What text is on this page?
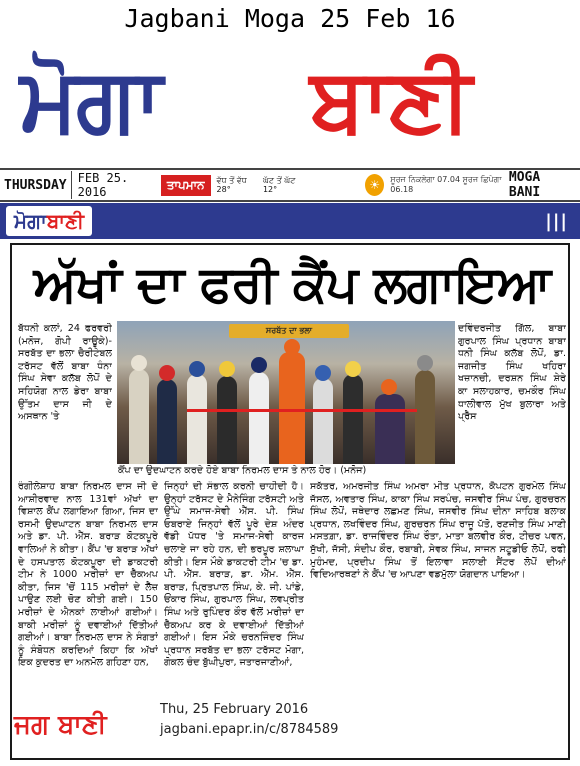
Jagbani Moga 25 Feb 16
ਮੋਗਾ ਬਾਣੀ
THURSDAY FEB 25. 2016
ਤਾਪਮਾਨ	ਵੱਧ ਤੋਂ ਵੱਧ 28°
ਘੱਟ ਤੋਂ ਘੱਟ 12°	☀	ਸੂਰਜ ਨਿਕਲੇਗਾ 07.04 ਸੂਰਜ ਛਿਪੇਗਾ 06.18
MOGA BANI
ਮੋਗਾਬਾਣੀ	|||
ਅੱਖਾਂ ਦਾ ਫਰੀ ਕੈਂਪ ਲਗਾਇਆ
ਬੱਧਨੀ ਕਲਾਂ, 24 ਫਰਵਰੀ (ਮਨੋਜ, ਗੋਪੀ ਰਾਊਕੇ)- ਸਰਬੱਤ ਦਾ ਭਲਾ ਚੈਰੀਟੇਬਲ ਟਰੱਸਟ ਵੱਲੋਂ ਬਾਬਾ ਧੰਨਾ ਸਿੰਘ ਸੇਵਾ ਕਲੱਬ ਲੋਪੋਂ ਦੇ ਸਹਿਯੋਗ ਨਾਲ ਡੇਰਾ ਬਾਬਾ ਉੱਤਮ ਦਾਸ ਜੀ ਦੇ ਅਸਥਾਨ 'ਤੇ
ਸਰਬੱਤ ਦਾ ਭਲਾ
ਕੈਂਪ ਦਾ ਉਦਘਾਟਨ ਕਰਦੇ ਹੋਏ ਬਾਬਾ ਨਿਰਮਲ ਦਾਸ ਤੇ ਨਾਲ ਹੋਰ। (ਮਨੋਜ)
ਦਵਿੰਦਰਜੀਤ ਗਿੱਲ, ਬਾਬਾ ਗੁਰਪਾਲ ਸਿੰਘ ਪ੍ਰਧਾਨ ਬਾਬਾ ਧਨੀ ਸਿੰਘ ਕਲੱਬ ਲੋਪੋਂ, ਡਾ. ਜਗਜੀਤ ਸਿੰਘ ਖਹਿਰਾ ਖਜ਼ਾਨਚੀ, ਦਰਸ਼ਨ ਸਿੰਘ ਸ਼ੇਰੇ ਕਾ ਸਲਾਹਕਾਰ, ਚਮਕੌਰ ਸਿੰਘ ਧਾਲੀਵਾਲ ਮੁੱਖ ਬੁਲਾਰਾ ਅਤੇ ਪ੍ਰੈੱਸ
ਰੰਗੀਲੇਸ਼ਾਹ ਬਾਬਾ ਨਿਰਮਲ ਦਾਸ ਜੀ ਦੇ ਆਸ਼ੀਰਵਾਦ ਨਾਲ 131ਵਾਂ ਅੱਖਾਂ ਦਾ ਵਿਸ਼ਾਲ ਕੈਂਪ ਲਗਾਇਆ ਗਿਆ, ਜਿਸ ਦਾ ਰਸਮੀ ਉਦਘਾਟਨ ਬਾਬਾ ਨਿਰਮਲ ਦਾਸ ਅਤੇ ਡਾ. ਪੀ. ਐੱਸ. ਬਰਾੜ ਕੋਟਕਪੂਰੇ ਵਾਲਿਆਂ ਨੇ ਕੀਤਾ। ਕੈਂਪ 'ਚ ਬਰਾੜ ਅੱਖਾਂ ਦੇ ਹਸਪਤਾਲ ਕੋਟਕਪੂਰਾ ਦੀ ਡਾਕਟਰੀ ਟੀਮ ਨੇ 1000 ਮਰੀਜ਼ਾਂ ਦਾ ਚੈੱਕਅਪ ਕੀਤਾ, ਜਿਸ 'ਚੋਂ 115 ਮਰੀਜ਼ਾਂ ਦੇ ਲੈੱਜ਼ ਪਾਉਣ ਲਈ ਚੋਣ ਕੀਤੀ ਗਈ। 150 ਮਰੀਜ਼ਾਂ ਦੇ ਐਨਕਾਂ ਲਾਈਆਂ ਗਈਆਂ। ਬਾਕੀ ਮਰੀਜ਼ਾਂ ਨੂੰ ਦਵਾਈਆਂ ਦਿੱਤੀਆਂ ਗਈਆਂ। ਬਾਬਾ ਨਿਰਮਲ ਦਾਸ ਨੇ ਸੰਗਤਾਂ ਨੂੰ ਸੰਬੋਧਨ ਕਰਦਿਆਂ ਕਿਹਾ ਕਿ ਅੱਖਾਂ ਇਕ ਕੁਦਰਤ ਦਾ ਅਨਮੋਲ ਗਹਿਣਾ ਹਨ,
ਜਿਨ੍ਹਾਂ ਦੀ ਸੰਭਾਲ ਕਰਨੀ ਚਾਹੀਦੀ ਹੈ। ਉਨ੍ਹਾਂ ਟਰੱਸਟ ਦੇ ਮੈਨੇਜਿੰਗ ਟਰੱਸਟੀ ਅਤੇ ਉੱਘੇ ਸਮਾਜ-ਸੇਵੀ ਐੱਸ. ਪੀ. ਸਿੰਘ ਓਬਰਾਏ ਜਿਨ੍ਹਾਂ ਵੱਲੋਂ ਪੂਰੇ ਦੇਸ਼ ਅੰਦਰ ਵੱਡੀ ਪੱਧਰ 'ਤੇ ਸਮਾਜ-ਸੇਵੀ ਕਾਰਜ ਚਲਾਏ ਜਾ ਰਹੇ ਹਨ, ਦੀ ਭਰਪੂਰ ਸ਼ਲਾਘਾ ਕੀਤੀ। ਇਸ ਮੌਕੇ ਡਾਕਟਰੀ ਟੀਮ 'ਚ ਡਾ. ਪੀ. ਐੱਸ. ਬਰਾੜ, ਡਾ. ਐੱਮ. ਐੱਸ. ਬਰਾੜ, ਪ੍ਰਿਤਪਾਲ ਸਿੰਘ, ਕੇ. ਜੀ. ਪਾਂਡੇ, ਓਂਕਾਰ ਸਿੰਘ, ਗੁਰਪਾਲ ਸਿੰਘ, ਲਵਪ੍ਰੀਤ ਸਿੰਘ ਅਤੇ ਰੁਪਿੰਦਰ ਕੌਰ ਵੱਲੋਂ ਮਰੀਜ਼ਾਂ ਦਾ ਚੈੱਕਅਪ ਕਰ ਕੇ ਦਵਾਈਆਂ ਦਿੱਤੀਆਂ ਗਈਆਂ। ਇਸ ਮੌਕੇ ਚਰਨਜਿੰਦਰ ਸਿੰਘ ਪ੍ਰਧਾਨ ਸਰਬੱਤ ਦਾ ਭਲਾ ਟਰੱਸਟ ਮੋਗਾ, ਗੋਕਲ ਚੰਦ ਬੁੱਘੀਪੁਰਾ, ਜਤਾਰਜਾਣੀਆਂ,
ਸਕੱਤਰ, ਅਮਰਜੀਤ ਸਿੰਘ ਅਮਰਾ ਮੀਤ ਪ੍ਰਧਾਨ, ਕੈਪਟਨ ਗੁਰਮੇਲ ਸਿੰਘ ਜੱਸਲ, ਅਵਤਾਰ ਸਿੰਘ, ਕਾਕਾ ਸਿੰਘ ਸਰਪੰਚ, ਜਸਵੀਰ ਸਿੰਘ ਪੰਚ, ਗੁਰਚਰਨ ਸਿੰਘ ਲੋਪੋਂ, ਜਥੇਦਾਰ ਲਛਮਣ ਸਿੰਘ, ਜਸਵੀਰ ਸਿੰਘ ਦੀਨਾ ਸਾਹਿਬ ਬਲਾਕ ਪ੍ਰਧਾਨ, ਲਖਵਿੰਦਰ ਸਿੰਘ, ਗੁਰਚਰਨ ਸਿੰਘ ਰਾਜੂ ਪੱਤੋ, ਰਣਜੀਤ ਸਿੰਘ ਮਾਣੀ ਮਸਤਗ਼ਾ, ਡਾ. ਰਾਜਵਿੰਦਰ ਸਿੰਘ ਰੌਤਾ, ਮਾਤਾ ਬਲਵੀਰ ਕੌਰ, ਟੀਚਰ ਪਵਨ, ਸੁੱਖੀ, ਜੱਸੀ, ਸੰਦੀਪ ਕੌਰ, ਰਬਾਬੀ, ਸੇਵਕ ਸਿੰਘ, ਸਾਜਨ ਸਟੂਡੀਓ ਲੋਪੋਂ, ਰਫੀ ਮੁਹੰਮਦ, ਪ੍ਰਦੀਪ ਸਿੰਘ ਤੋਂ ਇਲਾਵਾ ਸਲਾਈ ਸੈਂਟਰ ਲੋਪੋਂ ਦੀਆਂ ਵਿਦਿਆਰਥਣਾਂ ਨੇ ਕੈਂਪ 'ਚ ਆਪਣਾ ਵਡਮੁੱਲਾ ਯੋਗਦਾਨ ਪਾਇਆ।
ਜਗ ਬਾਣੀ
Thu, 25 February 2016
jagbani.epapr.in/c/8784589
